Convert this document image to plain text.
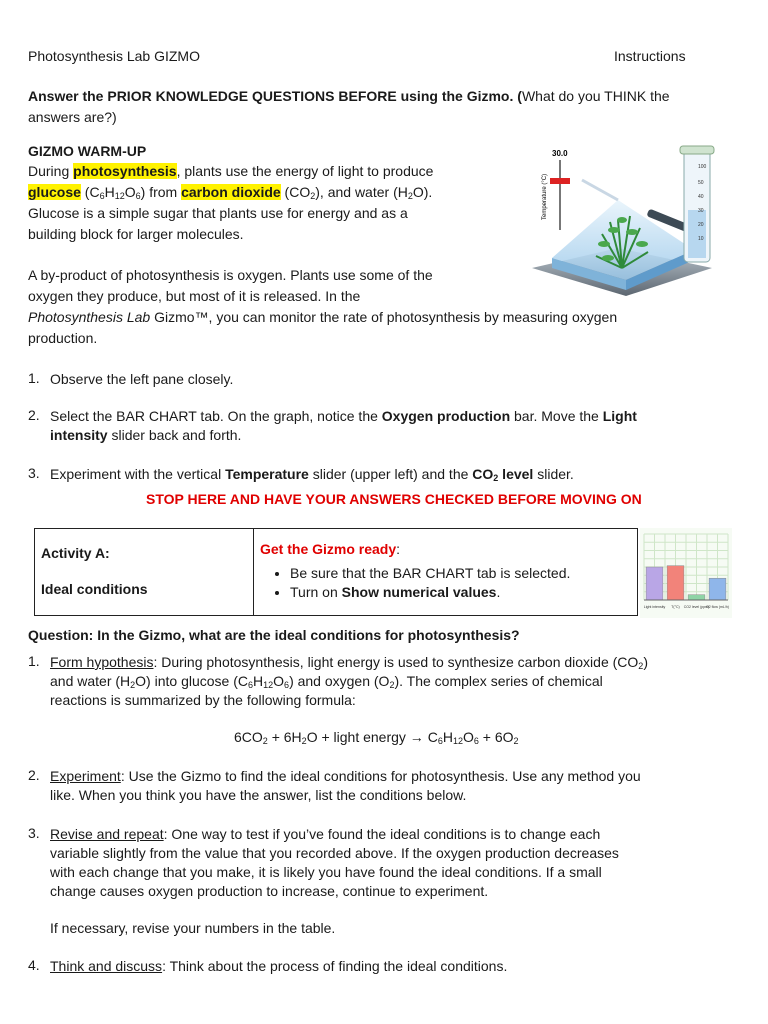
Photosynthesis Lab GIZMO	Instructions
Answer the PRIOR KNOWLEDGE QUESTIONS BEFORE using the Gizmo. (What do you THINK the
answers are?)
GIZMO WARM-UP
During photosynthesis, plants use the energy of light to produce
glucose $(C_6H_{12}O_6)$ from carbon dioxide $(CO_2)$, and water $(H_2O)$.
Glucose is a simple sugar that plants use for energy and as a
building block for larger molecules.
A by-product of photosynthesis is oxygen. Plants use some of the
oxygen they produce, but most of it is released. In the
Photosynthesis Lab Gizmo™, you can monitor the rate of photosynthesis by measuring oxygen
production.
30.0
Temperature (°C)
100
50
40
30
20
10
1. Observe the left pane closely.
2. Select the BAR CHART tab. On the graph, notice the Oxygen production bar. Move the Light
intensity slider back and forth.
3. Experiment with the vertical Temperature slider (upper left) and the $CO_2$ level slider.
STOP HERE AND HAVE YOUR ANSWERS CHECKED BEFORE MOVING ON
Activity A:
Ideal conditions

Get the Gizmo ready:
• Be sure that the BAR CHART tab is selected.
• Turn on Show numerical values.
Light intensity T(°C) CO2 level (ppm)
O2 flow (mL/h)
Question: In the Gizmo, what are the ideal conditions for photosynthesis?
1. Form hypothesis: During photosynthesis, light energy is used to synthesize carbon dioxide $(CO_2)$
and water $(H_2O)$ into glucose $(C_6H_{12}O_6)$ and oxygen $(O_2)$. The complex series of chemical
reactions is summarized by the following formula:
$6CO_2 + 6H_2O$ + light energy → $C_6H_{12}O_6 + 6O_2$
2. Experiment: Use the Gizmo to find the ideal conditions for photosynthesis. Use any method you
like. When you think you have the answer, list the conditions below.
3. Revise and repeat: One way to test if you’ve found the ideal conditions is to change each
variable slightly from the value that you recorded above. If the oxygen production decreases
with each change that you make, it is likely you have found the ideal conditions. If a small
change causes oxygen production to increase, continue to experiment.
If necessary, revise your numbers in the table.
4. Think and discuss: Think about the process of finding the ideal conditions.
